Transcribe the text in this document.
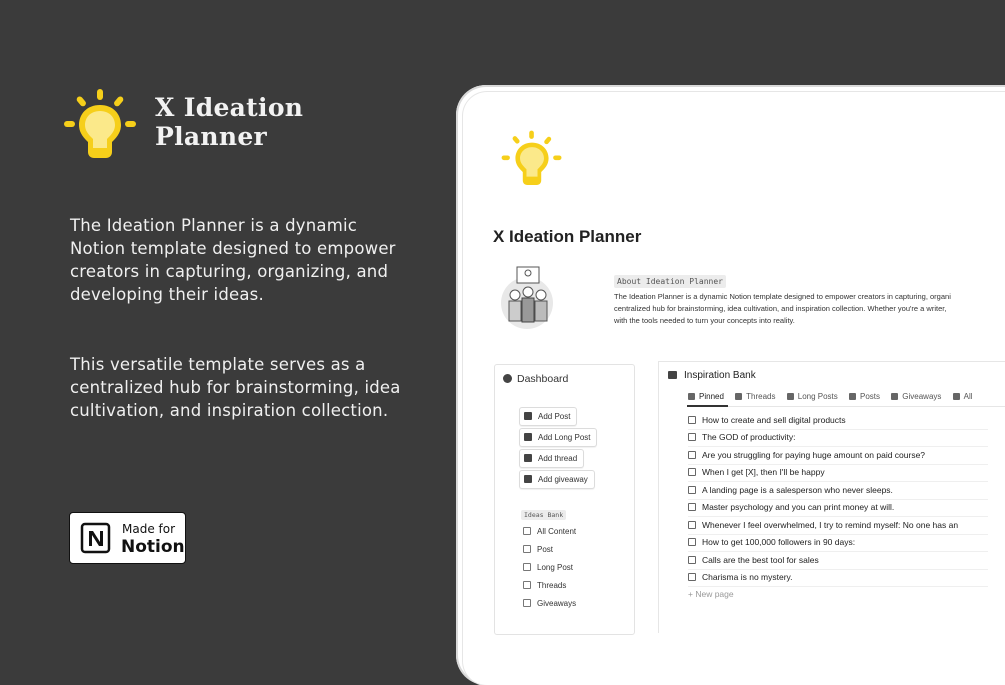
X Ideation
Planner
The Ideation Planner is a dynamic Notion template designed to empower creators in capturing, organizing, and developing their ideas.
This versatile template serves as a centralized hub for brainstorming, idea cultivation, and inspiration collection.
Made for
Notion
X Ideation Planner
About Ideation Planner
The Ideation Planner is a dynamic Notion template designed to empower creators in capturing, organi
centralized hub for brainstorming, idea cultivation, and inspiration collection. Whether you're a writer,
with the tools needed to turn your concepts into reality.
Dashboard
Add Post
Add Long Post
Add thread
Add giveaway
Ideas Bank
All Content
Post
Long Post
Threads
Giveaways
Inspiration Bank
Pinned	Threads	Long Posts	Posts	Giveaways	All
How to create and sell digital products
The GOD of productivity:
Are you struggling for paying huge amount on paid course?
When I get [X], then I'll be happy
A landing page is a salesperson who never sleeps.
Master psychology and you can print money at will.
Whenever I feel overwhelmed, I try to remind myself: No one has an
How to get 100,000 followers in 90 days:
Calls are the best tool for sales
Charisma is no mystery.
+ New page
